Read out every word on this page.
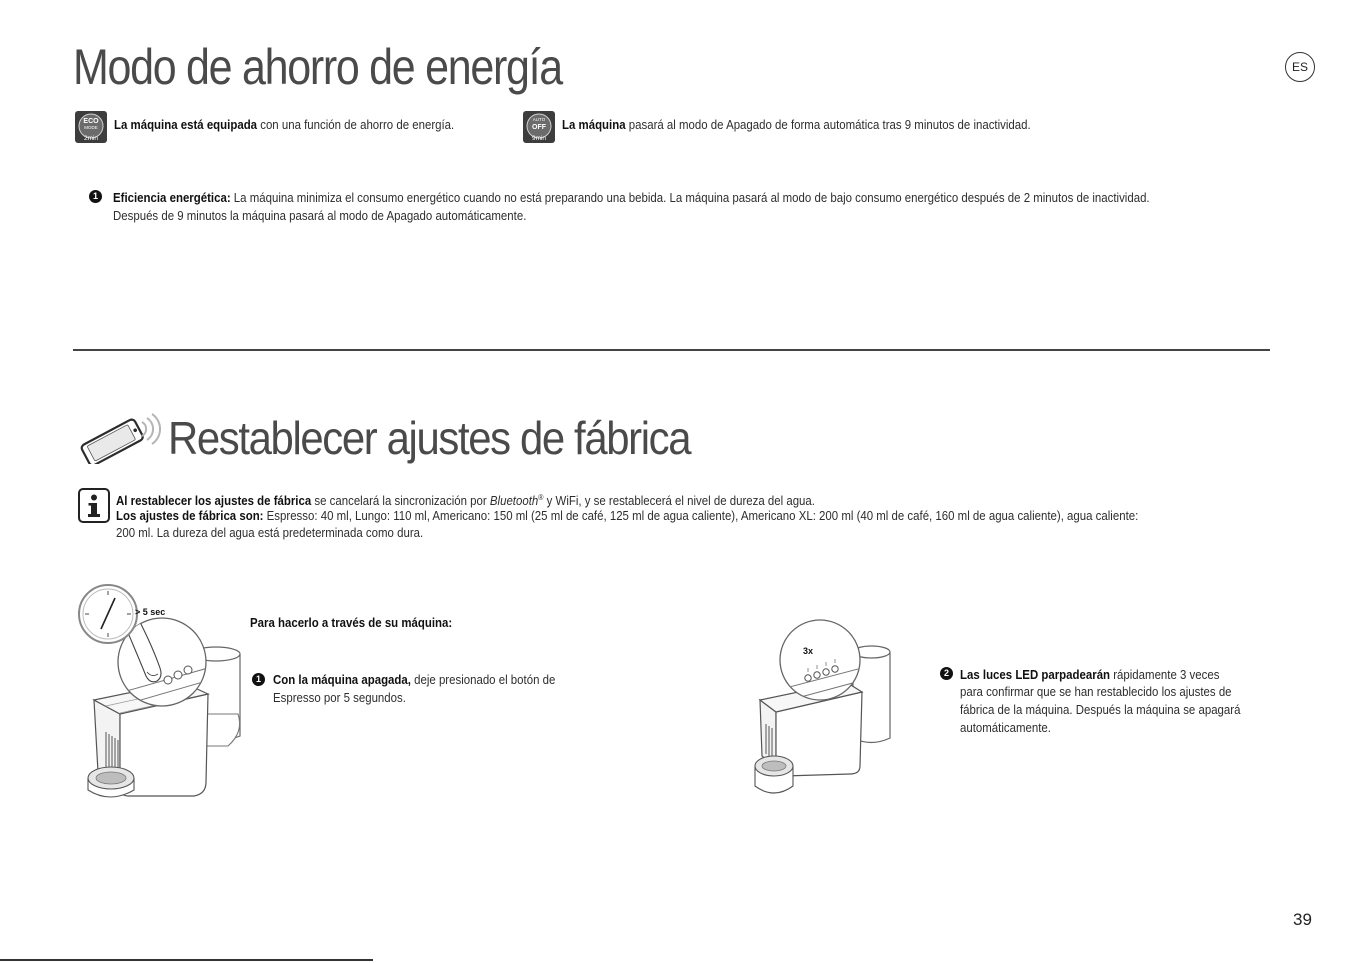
Modo de ahorro de energía	ES
ECO
MODE
2min
La máquina está equipada con una función de ahorro de energía.	AUTO
OFF
9min
La máquina pasará al modo de Apagado de forma automática tras 9 minutos de inactividad.
1	Eficiencia energética: La máquina minimiza el consumo energético cuando no está preparando una bebida. La máquina pasará al modo de bajo consumo energético después de 2 minutos de inactividad.
Después de 9 minutos la máquina pasará al modo de Apagado automáticamente.
Restablecer ajustes de fábrica
Al restablecer los ajustes de fábrica se cancelará la sincronización por Bluetooth® y WiFi, y se restablecerá el nivel de dureza del agua.
Los ajustes de fábrica son: Espresso: 40 ml, Lungo: 110 ml, Americano: 150 ml (25 ml de café, 125 ml de agua caliente), Americano XL: 200 ml (40 ml de café, 160 ml de agua caliente), agua caliente:
200 ml. La dureza del agua está predeterminada como dura.
> 5 sec
Para hacerlo a través de su máquina:
1 Con la máquina apagada, deje presionado el botón de
Espresso por 5 segundos.
3x
2 Las luces LED parpadearán rápidamente 3 veces
para confirmar que se han restablecido los ajustes de
fábrica de la máquina. Después la máquina se apagará
automáticamente.
39
